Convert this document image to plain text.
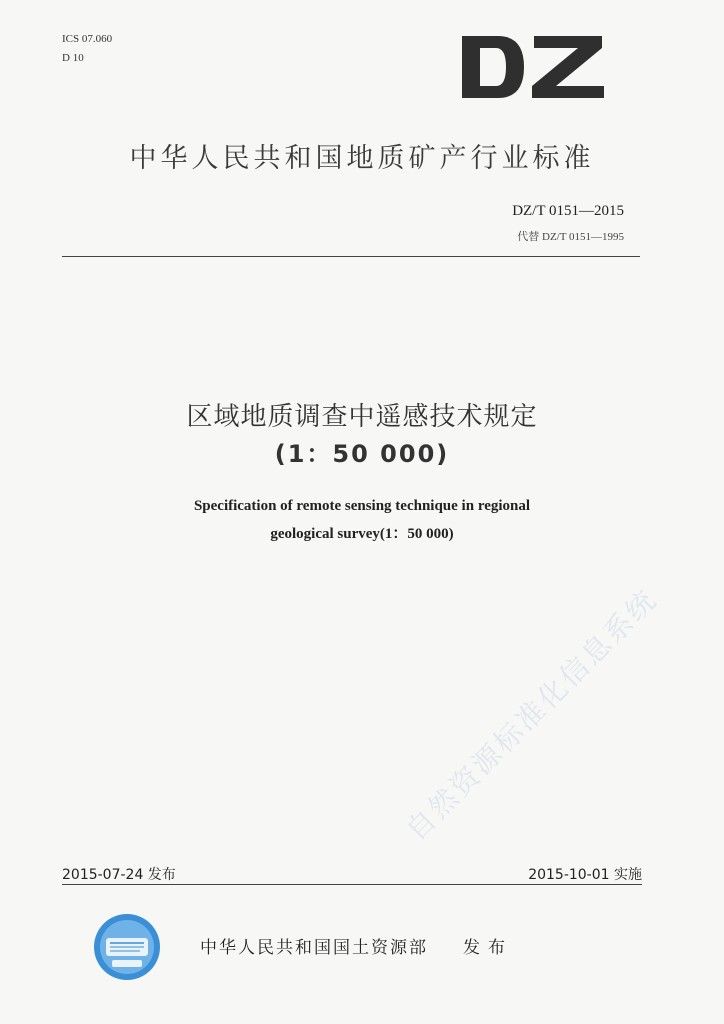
ICS 07.060
D 10
中华人民共和国地质矿产行业标准
DZ/T 0151—2015
代替 DZ/T 0151—1995
区域地质调查中遥感技术规定
(1：50 000)
Specification of remote sensing technique in regional
geological survey(1：50 000)
自然资源标准化信息系统
2015-07-24 发布	2015-10-01 实施
中华人民共和国国土资源部 发布
